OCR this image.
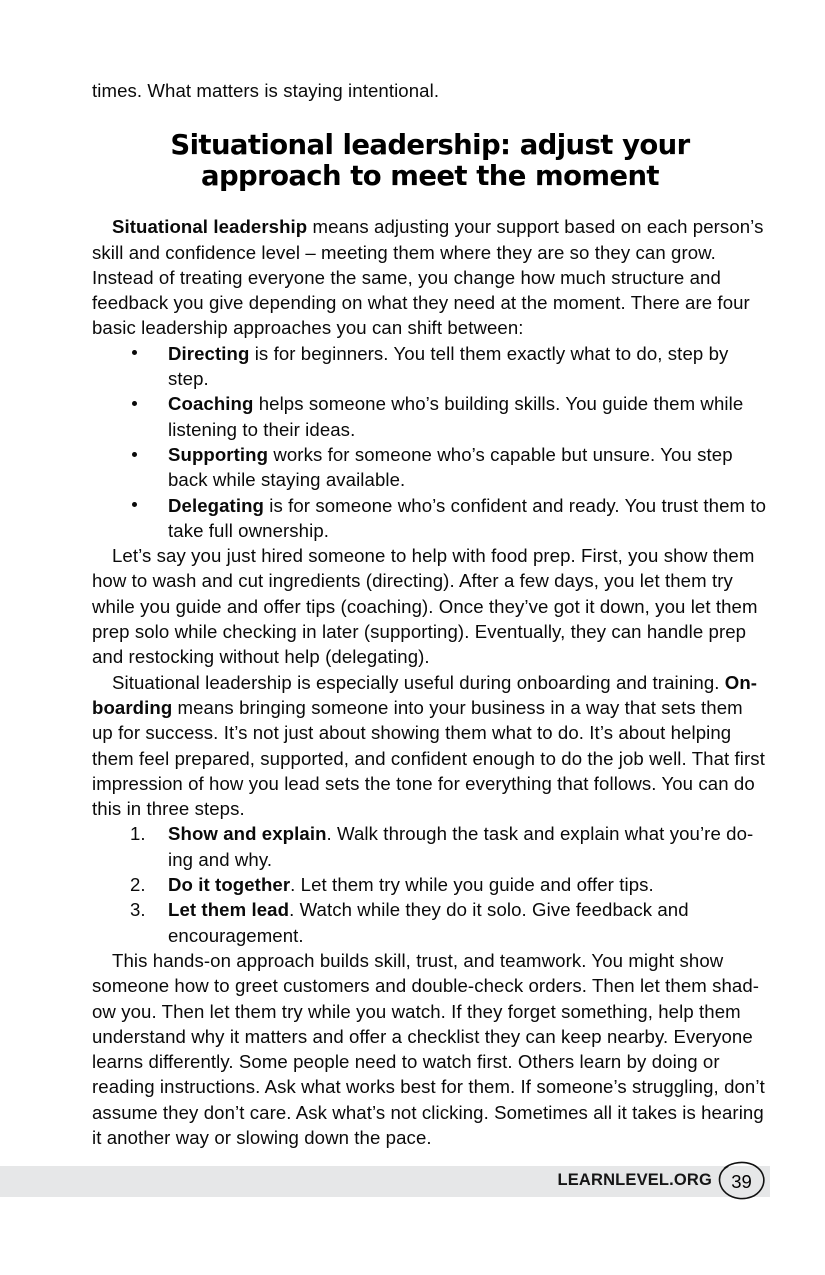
times. What matters is staying intentional.

Situational leadership: adjust your approach to meet the moment

Situational leadership means adjusting your support based on each person’s skill and confidence level – meeting them where they are so they can grow. Instead of treating everyone the same, you change how much structure and feedback you give depending on what they need at the moment. There are four basic leadership approaches you can shift between:

Directing is for beginners. You tell them exactly what to do, step by step.
Coaching helps someone who’s building skills. You guide them while listening to their ideas.
Supporting works for someone who’s capable but unsure. You step back while staying available.
Delegating is for someone who’s confident and ready. You trust them to take full ownership.

Let’s say you just hired someone to help with food prep. First, you show them how to wash and cut ingredients (directing). After a few days, you let them try while you guide and offer tips (coaching). Once they’ve got it down, you let them prep solo while checking in later (supporting). Eventually, they can handle prep and restocking without help (delegating).

Situational leadership is especially useful during onboarding and training. On-boarding means bringing someone into your business in a way that sets them up for success. It’s not just about showing them what to do. It’s about helping them feel prepared, supported, and confident enough to do the job well. That first impression of how you lead sets the tone for everything that follows. You can do this in three steps.

1. Show and explain. Walk through the task and explain what you’re do-ing and why.
2. Do it together. Let them try while you guide and offer tips.
3. Let them lead. Watch while they do it solo. Give feedback and encouragement.

This hands-on approach builds skill, trust, and teamwork. You might show someone how to greet customers and double-check orders. Then let them shad-ow you. Then let them try while you watch. If they forget something, help them understand why it matters and offer a checklist they can keep nearby. Everyone learns differently. Some people need to watch first. Others learn by doing or reading instructions. Ask what works best for them. If someone’s struggling, don’t assume they don’t care. Ask what’s not clicking. Sometimes all it takes is hearing it another way or slowing down the pace.

LEARNLEVEL.ORG	39
